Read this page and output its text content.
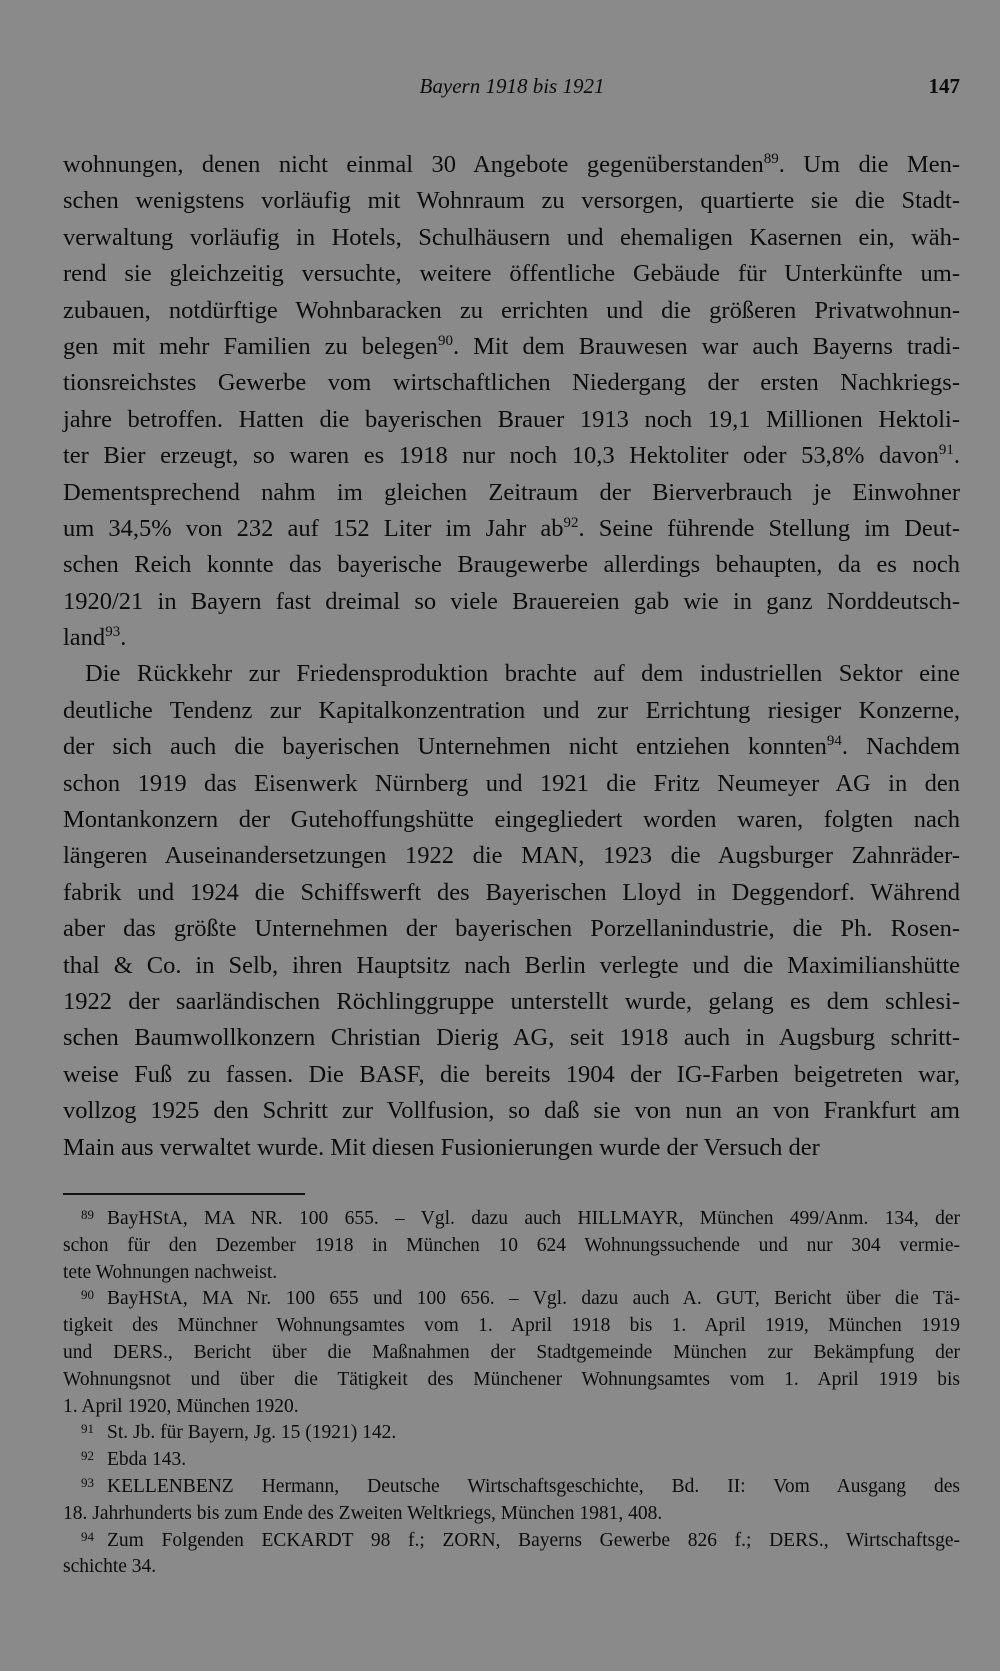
Bayern 1918 bis 1921	147
wohnungen, denen nicht einmal 30 Angebote gegenüberstanden$^{89}$. Um die Men-
schen wenigstens vorläufig mit Wohnraum zu versorgen, quartierte sie die Stadt-
verwaltung vorläufig in Hotels, Schulhäusern und ehemaligen Kasernen ein, wäh-
rend sie gleichzeitig versuchte, weitere öffentliche Gebäude für Unterkünfte um-
zubauen, notdürftige Wohnbaracken zu errichten und die größeren Privatwohnun-
gen mit mehr Familien zu belegen$^{90}$. Mit dem Brauwesen war auch Bayerns tradi-
tionsreichstes Gewerbe vom wirtschaftlichen Niedergang der ersten Nachkriegs-
jahre betroffen. Hatten die bayerischen Brauer 1913 noch 19,1 Millionen Hektoli-
ter Bier erzeugt, so waren es 1918 nur noch 10,3 Hektoliter oder 53,8% davon$^{91}$.
Dementsprechend nahm im gleichen Zeitraum der Bierverbrauch je Einwohner
um 34,5% von 232 auf 152 Liter im Jahr $ab^{92}$. Seine führende Stellung im Deut-
schen Reich konnte das bayerische Braugewerbe allerdings behaupten, da es noch
1920/21 in Bayern fast dreimal so viele Brauereien gab wie in ganz Norddeutsch-
land$^{93}$.
Die Rückkehr zur Friedensproduktion brachte auf dem industriellen Sektor eine
deutliche Tendenz zur Kapitalkonzentration und zur Errichtung riesiger Konzerne,
der sich auch die bayerischen Unternehmen nicht entziehen konnten$^{94}$. Nachdem
schon 1919 das Eisenwerk Nürnberg und 1921 die Fritz Neumeyer AG in den
Montankonzern der Gutehoffungshütte eingegliedert worden waren, folgten nach
längeren Auseinandersetzungen 1922 die MAN, 1923 die Augsburger Zahnräder-
fabrik und 1924 die Schiffswerft des Bayerischen Lloyd in Deggendorf. Während
aber das größte Unternehmen der bayerischen Porzellanindustrie, die Ph. Rosen-
thal & Co. in Selb, ihren Hauptsitz nach Berlin verlegte und die Maximilianshütte
1922 der saarländischen Röchlinggruppe unterstellt wurde, gelang es dem schlesi-
schen Baumwollkonzern Christian Dierig AG, seit 1918 auch in Augsburg schritt-
weise Fuß zu fassen. Die BASF, die bereits 1904 der IG-Farben beigetreten war,
vollzog 1925 den Schritt zur Vollfusion, so daß sie von nun an von Frankfurt am
Main aus verwaltet wurde. Mit diesen Fusionierungen wurde der Versuch der
89 BayHStA, MA NR. 100 655. – Vgl. dazu auch HILLMAYR, München 499/Anm. 134, der
schon für den Dezember 1918 in München 10 624 Wohnungssuchende und nur 304 vermie-
tete Wohnungen nachweist.
90 BayHStA, MA Nr. 100 655 und 100 656. – Vgl. dazu auch A. GUT, Bericht über die Tä-
tigkeit des Münchner Wohnungsamtes vom 1. April 1918 bis 1. April 1919, München 1919
und DERS., Bericht über die Maßnahmen der Stadtgemeinde München zur Bekämpfung der
Wohnungsnot und über die Tätigkeit des Münchener Wohnungsamtes vom 1. April 1919 bis
1. April 1920, München 1920.
91 St. Jb. für Bayern, Jg. 15 (1921) 142.
92 Ebda 143.
93 KELLENBENZ Hermann, Deutsche Wirtschaftsgeschichte, Bd. II: Vom Ausgang des
18. Jahrhunderts bis zum Ende des Zweiten Weltkriegs, München 1981, 408.
94 Zum Folgenden ECKARDT 98 f.; ZORN, Bayerns Gewerbe 826 f.; DERS., Wirtschaftsge-
schichte 34.
